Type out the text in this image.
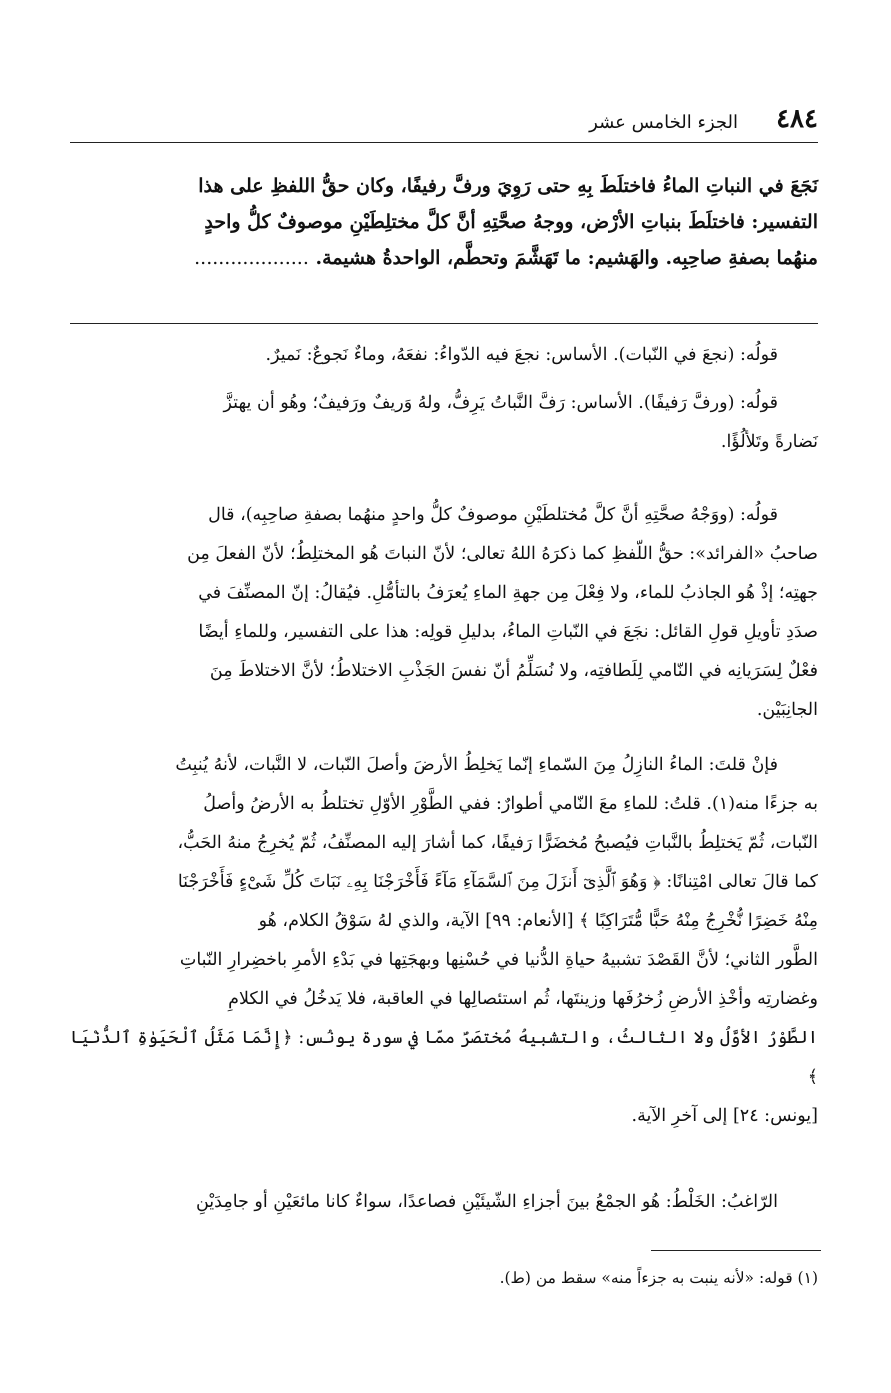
٤٨٤
الجزء الخامس عشر

نَجَعَ في النباتِ الماءُ فاختلَطَ بِهِ حتى رَوِيَ ورفَّ رفيفًا، وكان حقُّ اللفظِ على هذا

التفسير: فاختلَطَ بنباتِ الأرْض، ووجهُ صحَّتِهِ أنَّ كلَّ مختلِطَيْنِ موصوفٌ كلُّ واحدٍ

منهُما بصفةِ صاحِبِه. والهَشيم: ما تَهَشَّمَ وتحطَّم، الواحدةُ هشيمة. ...................

قولُه: (نجعَ في النّبات). الأساس: نجعَ فيه الدّواءُ: نفعَهُ، وماءٌ نَجوعٌ: نَميرٌ.

قولُه: (ورفَّ رَفيفًا). الأساس: رَفَّ النَّباتُ يَرِفُّ، ولهُ وَريفٌ ورَفيفٌ؛ وهُو أن يهتزَّ

نَضارةً وتَلألُؤًا.

قولُه: (ووَجْهُ صحَّتِهِ أنَّ كلَّ مُختلطَيْنِ موصوفٌ كلُّ واحدٍ منهُما بصفةِ صاحِبِه)، قال

صاحبُ «الفرائد»: حقُّ اللّفظِ كما ذكرَهُ اللهُ تعالى؛ لأنّ النباتَ هُو المختلِطُ؛ لأنّ الفعلَ مِن

جهتِه؛ إذْ هُو الجاذبُ للماء، ولا فِعْلَ مِن جهةِ الماءِ يُعرَفُ بالتأمُّلِ. فيُقالُ: إنّ المصنِّفَ في

صدَدِ تأويلِ قولِ القائل: نجَعَ في النّباتِ الماءُ، بدليلِ قولِه: هذا على التفسير، وللماءِ أيضًا

فعْلٌ لِسَرَيانِه في النّامي لِلَطافتِه، ولا نُسَلِّمُ أنّ نفسَ الجَذْبِ الاختلاطُ؛ لأنَّ الاختلاطَ مِنَ

الجانِبَيْن.

فإنْ قلتَ: الماءُ النازِلُ مِنَ السّماءِ إنّما يَخلِطُ الأرضَ وأصلَ النّبات، لا النَّبات، لأنهُ يُنبِتُ

به جزءًا منه(١). قلتُ: للماءِ معَ النّامي أطوارٌ: ففي الطَّوْرِ الأوّلِ تختلطُ به الأرضُ وأصلُ

النّبات، ثُمّ يَختلِطُ بالنَّباتِ فيُصبحُ مُخضَرًّا رَفيفًا، كما أشارَ إليه المصنِّفُ، ثُمّ يُخرِجُ منهُ الحَبُّ،

كما قالَ تعالى امْتِنانًا: ﴿ وَهُوَ ٱلَّذِىٓ أَنزَلَ مِنَ ٱلسَّمَآءِ مَآءً فَأَخْرَجْنَا بِهِۦ نَبَاتَ كُلِّ شَىْءٍ فَأَخْرَجْنَا

مِنْهُ خَضِرًا نُّخْرِجُ مِنْهُ حَبًّا مُّتَرَاكِبًا ﴾ [الأنعام: ٩٩] الآية، والذي لهُ سَوْقُ الكلام، هُو

الطَّور الثاني؛ لأنَّ القَصْدَ تشبيهُ حياةِ الدُّنيا في حُسْنِها وبهجَتِها في بَدْءِ الأمرِ باخضِرارِ النّباتِ

وغضارتِه وأخْذِ الأرضِ زُخرُفَها وزينتَها، ثُم استئصالِها في العاقبة، فلا يَدخُلُ في الكلامِ

الطَّوْرُ الأوَّلُ ولا الثالثُ، والتشبيهُ مُختصَرٌ ممّا في سورة يونُس: ﴿إِنَّمَا مَثَلُ ٱلْحَيَوٰةِ ٱلدُّنْيَا ﴾

[يونس: ٢٤] إلى آخرِ الآية.

الرّاغبُ: الخَلْطُ: هُو الجمْعُ بينَ أجزاءِ الشّيئَيْنِ فصاعدًا، سواءٌ كانا مائعَيْنِ أو جامِدَيْنِ

(١) قوله: «لأنه ينبت به جزءاً منه» سقط من (ط).
